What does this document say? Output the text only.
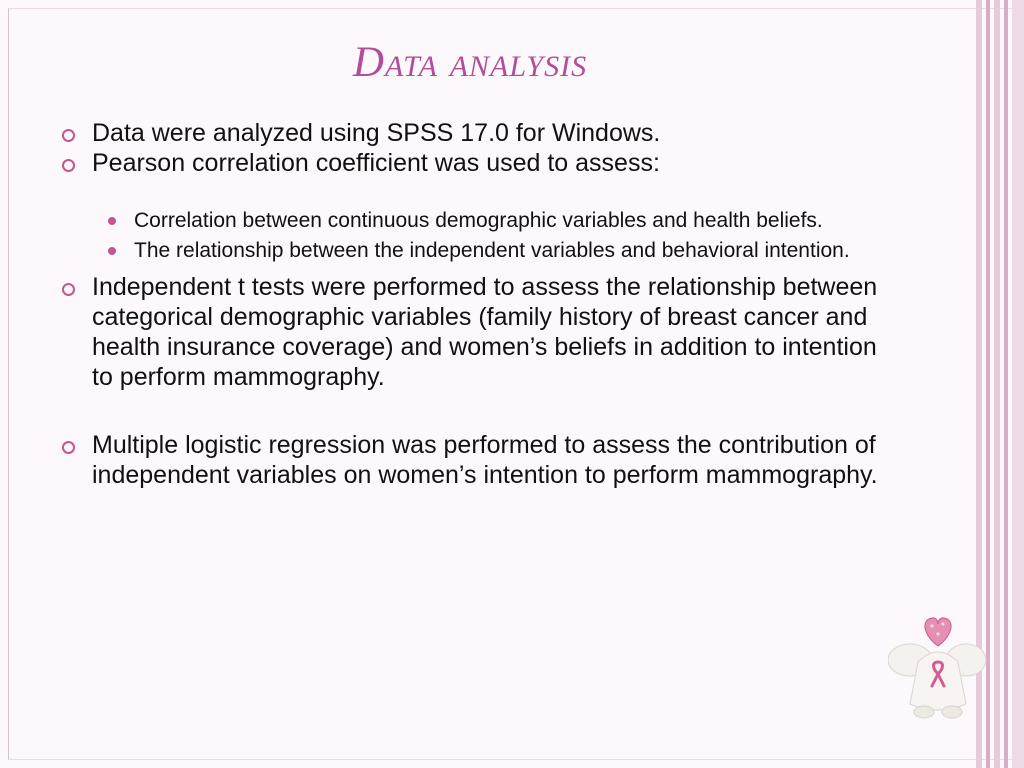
Data analysis
Data were analyzed using SPSS 17.0 for Windows.
Pearson correlation coefficient was used to assess:
Correlation between continuous demographic variables and health beliefs.
The relationship between the independent variables and behavioral intention.
Independent t tests were performed to assess the relationship between categorical demographic variables (family history of breast cancer and health insurance coverage) and women’s beliefs in addition to intention to perform mammography.
Multiple logistic regression was performed to assess the contribution of independent variables on women’s intention to perform mammography.
